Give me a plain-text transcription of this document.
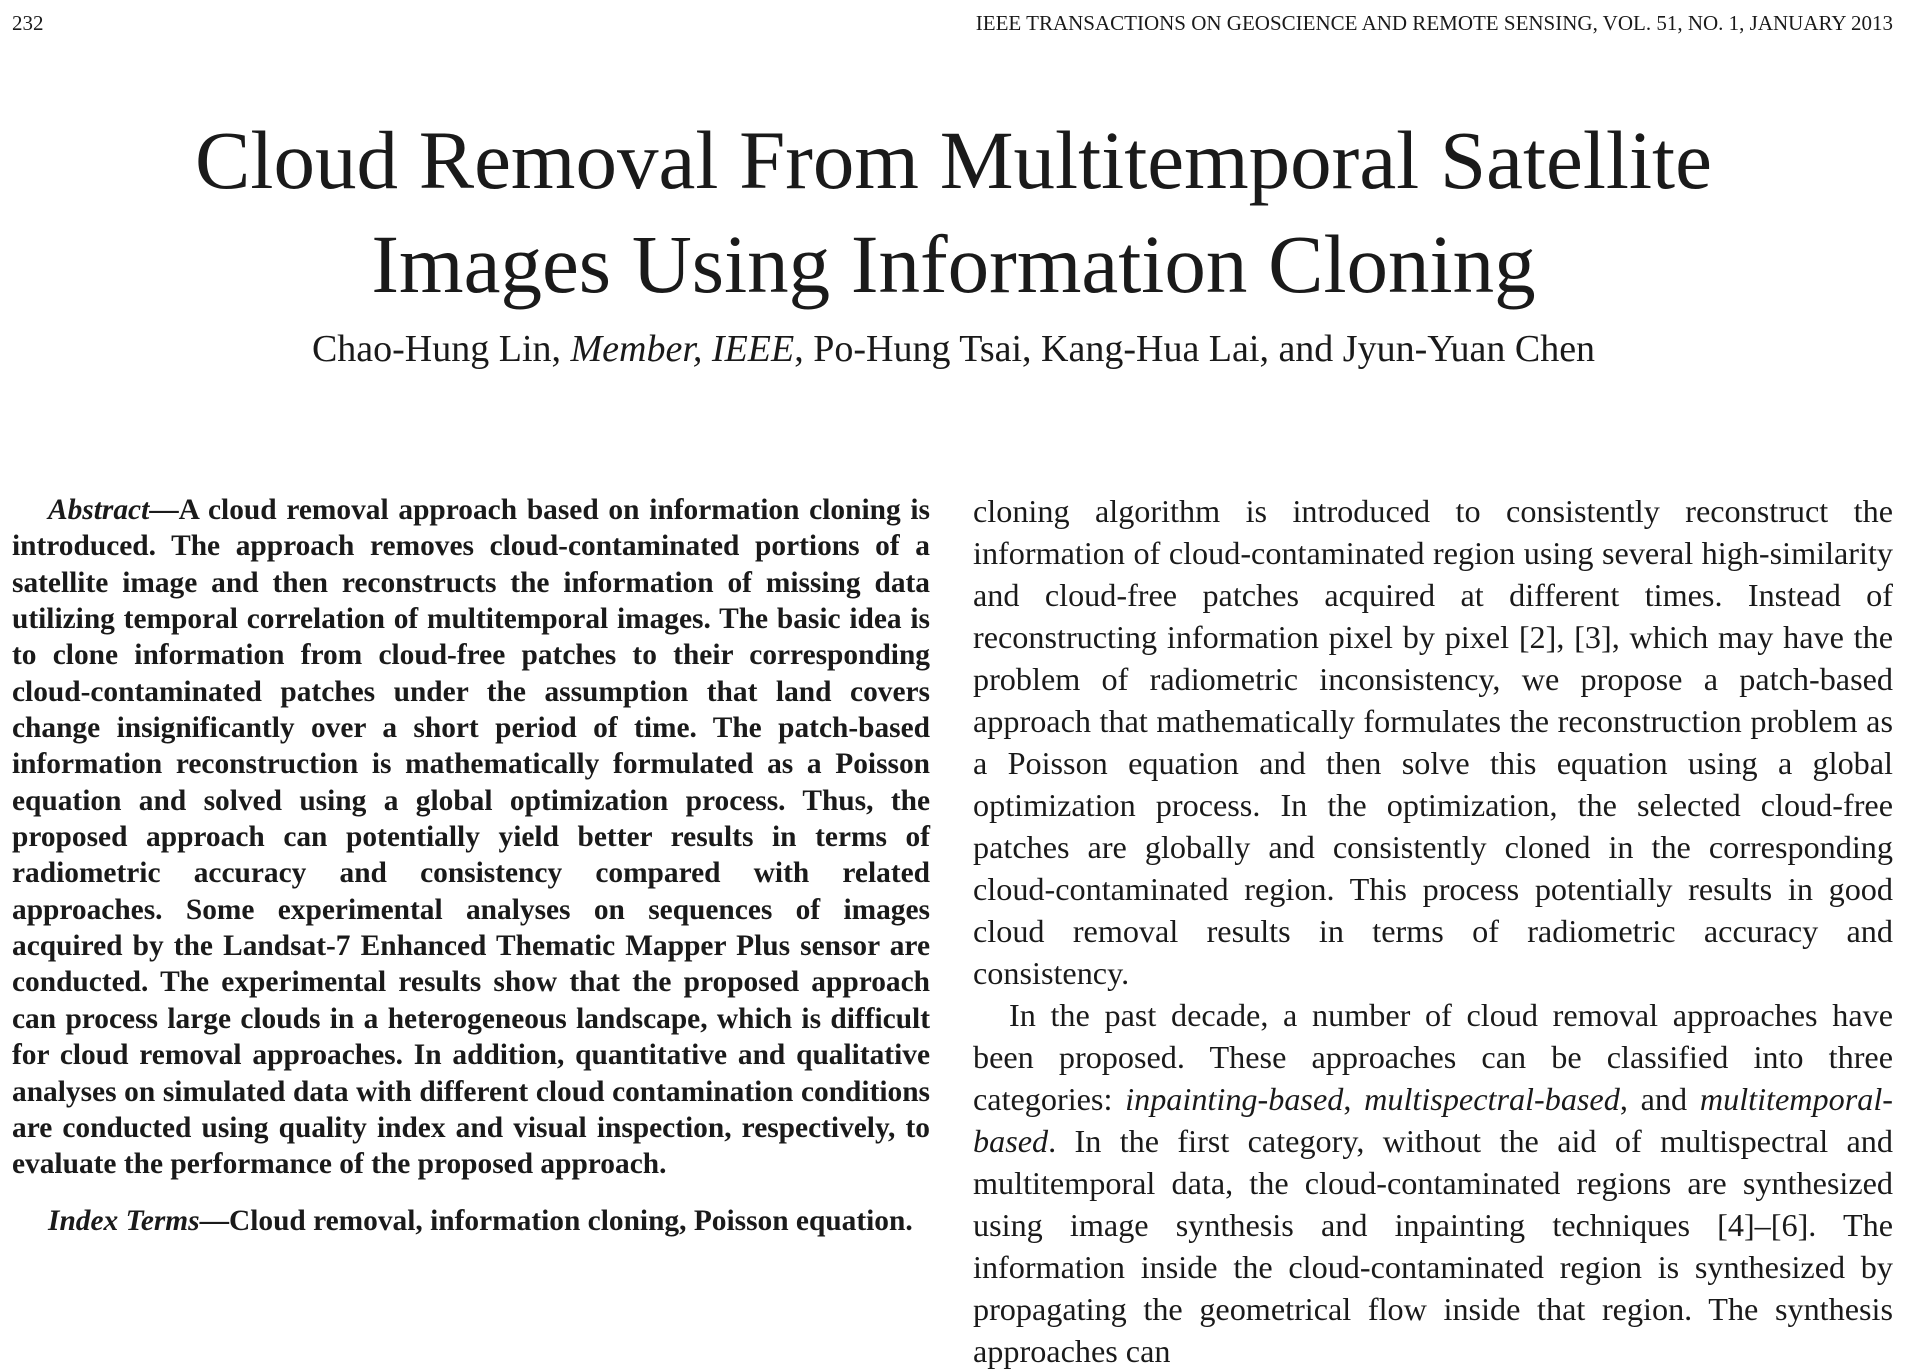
232	IEEE TRANSACTIONS ON GEOSCIENCE AND REMOTE SENSING, VOL. 51, NO. 1, JANUARY 2013
Cloud Removal From Multitemporal Satellite
Images Using Information Cloning
Chao-Hung Lin, Member, IEEE, Po-Hung Tsai, Kang-Hua Lai, and Jyun-Yuan Chen

Abstract—A cloud removal approach based on information cloning is introduced. The approach removes cloud-contaminated portions of a satellite image and then reconstructs the information of missing data utilizing temporal correlation of multitemporal images. The basic idea is to clone information from cloud-free patches to their corresponding cloud-contaminated patches under the assumption that land covers change insignificantly over a short period of time. The patch-based information reconstruction is mathematically formulated as a Poisson equation and solved using a global optimization process. Thus, the proposed approach can potentially yield better results in terms of radiometric accuracy and consistency compared with related approaches. Some experimental analyses on sequences of images acquired by the Landsat-7 Enhanced Thematic Mapper Plus sensor are conducted. The experimental results show that the proposed approach can process large clouds in a heterogeneous landscape, which is difficult for cloud removal approaches. In addition, quantitative and qualitative analyses on simulated data with different cloud contamination conditions are conducted using quality index and visual inspection, respectively, to evaluate the performance of the proposed approach.

Index Terms—Cloud removal, information cloning, Poisson equation.

cloning algorithm is introduced to consistently reconstruct the information of cloud-contaminated region using several high-similarity and cloud-free patches acquired at different times. Instead of reconstructing information pixel by pixel [2], [3], which may have the problem of radiometric inconsistency, we propose a patch-based approach that mathematically formulates the reconstruction problem as a Poisson equation and then solve this equation using a global optimization process. In the optimization, the selected cloud-free patches are globally and consistently cloned in the corresponding cloud-contaminated region. This process potentially results in good cloud removal results in terms of radiometric accuracy and consistency.

In the past decade, a number of cloud removal approaches have been proposed. These approaches can be classified into three categories: inpainting-based, multispectral-based, and multitemporal-based. In the first category, without the aid of multispectral and multitemporal data, the cloud-contaminated regions are synthesized using image synthesis and inpainting techniques [4]–[6]. The information inside the cloud-contaminated region is synthesized by propagating the geometrical flow inside that region. The synthesis approaches can
